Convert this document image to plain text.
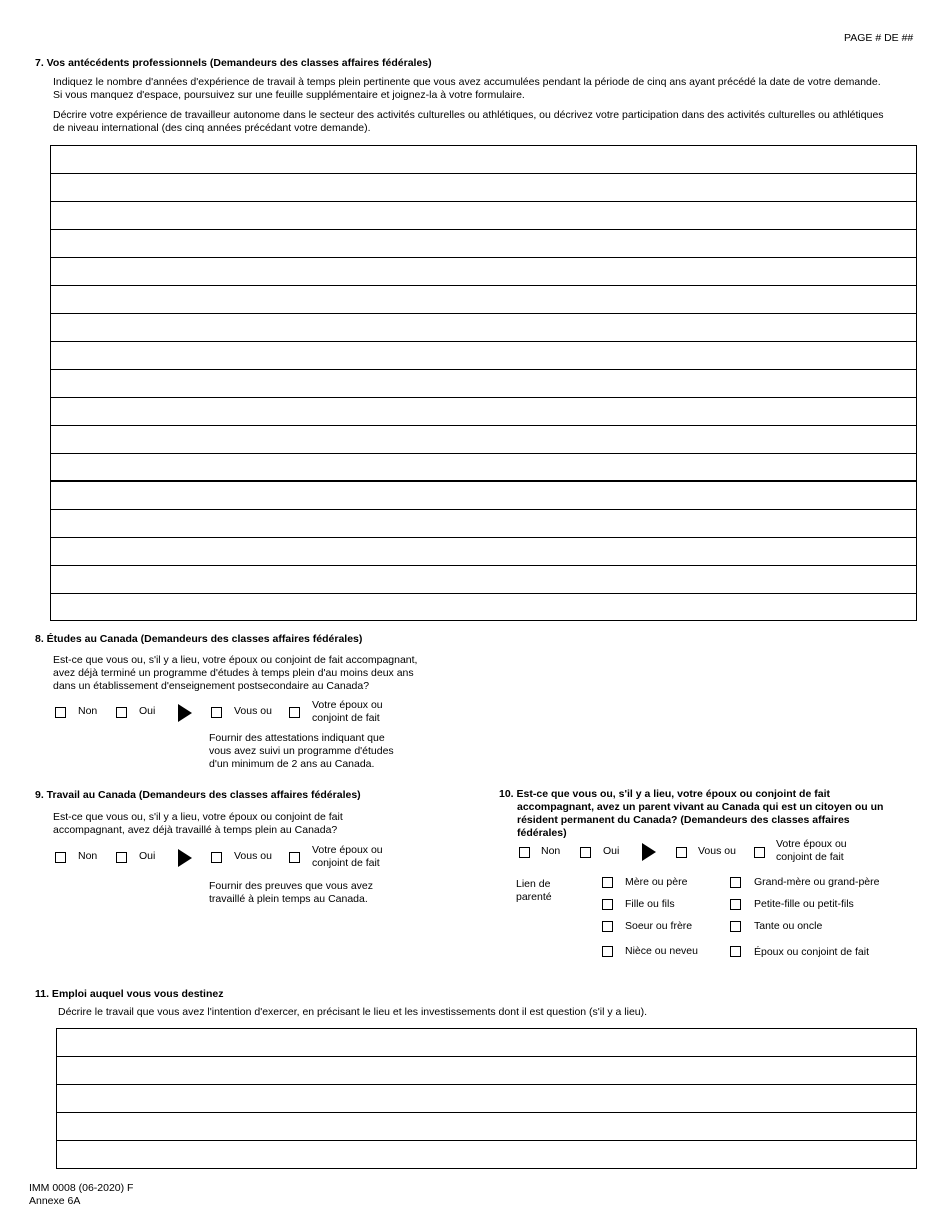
PAGE # DE ##
7. Vos antécédents professionnels (Demandeurs des classes affaires fédérales)
Indiquez le nombre d'années d'expérience de travail à temps plein pertinente que vous avez accumulées pendant la période de cinq ans ayant précédé la date de votre demande.
Si vous manquez d'espace, poursuivez sur une feuille supplémentaire et joignez-la à votre formulaire.
Décrire votre expérience de travailleur autonome dans le secteur des activités culturelles ou athlétiques, ou décrivez votre participation dans des activités culturelles ou athlétiques
de niveau international (des cinq années précédant votre demande).
8. Études au Canada (Demandeurs des classes affaires fédérales)
Est-ce que vous ou, s'il y a lieu, votre époux ou conjoint de fait accompagnant,
avez déjà terminé un programme d'études à temps plein d'au moins deux ans
dans un établissement d'enseignement postsecondaire au Canada?
Non	Oui	Vous ou	Votre époux ou
conjoint de fait
Fournir des attestations indiquant que
vous avez suivi un programme d'études
d'un minimum de 2 ans au Canada.
9. Travail au Canada (Demandeurs des classes affaires fédérales)
Est-ce que vous ou, s'il y a lieu, votre époux ou conjoint de fait
accompagnant, avez déjà travaillé à temps plein au Canada?
Non	Oui	Vous ou	Votre époux ou
conjoint de fait
Fournir des preuves que vous avez
travaillé à plein temps au Canada.
10. Est-ce que vous ou, s'il y a lieu, votre époux ou conjoint de fait
accompagnant, avez un parent vivant au Canada qui est un citoyen ou un
résident permanent du Canada? (Demandeurs des classes affaires
fédérales)
Non	Oui	Vous ou
Votre époux ou
conjoint de fait
Lien de
parenté
Mère ou père	Grand-mère ou grand-père
Fille ou fils	Petite-fille ou petit-fils
Soeur ou frère	Tante ou oncle
Nièce ou neveu	Époux ou conjoint de fait
11. Emploi auquel vous vous destinez
Décrire le travail que vous avez l'intention d'exercer, en précisant le lieu et les investissements dont il est question (s'il y a lieu).
IMM 0008 (06-2020) F
Annexe 6A
